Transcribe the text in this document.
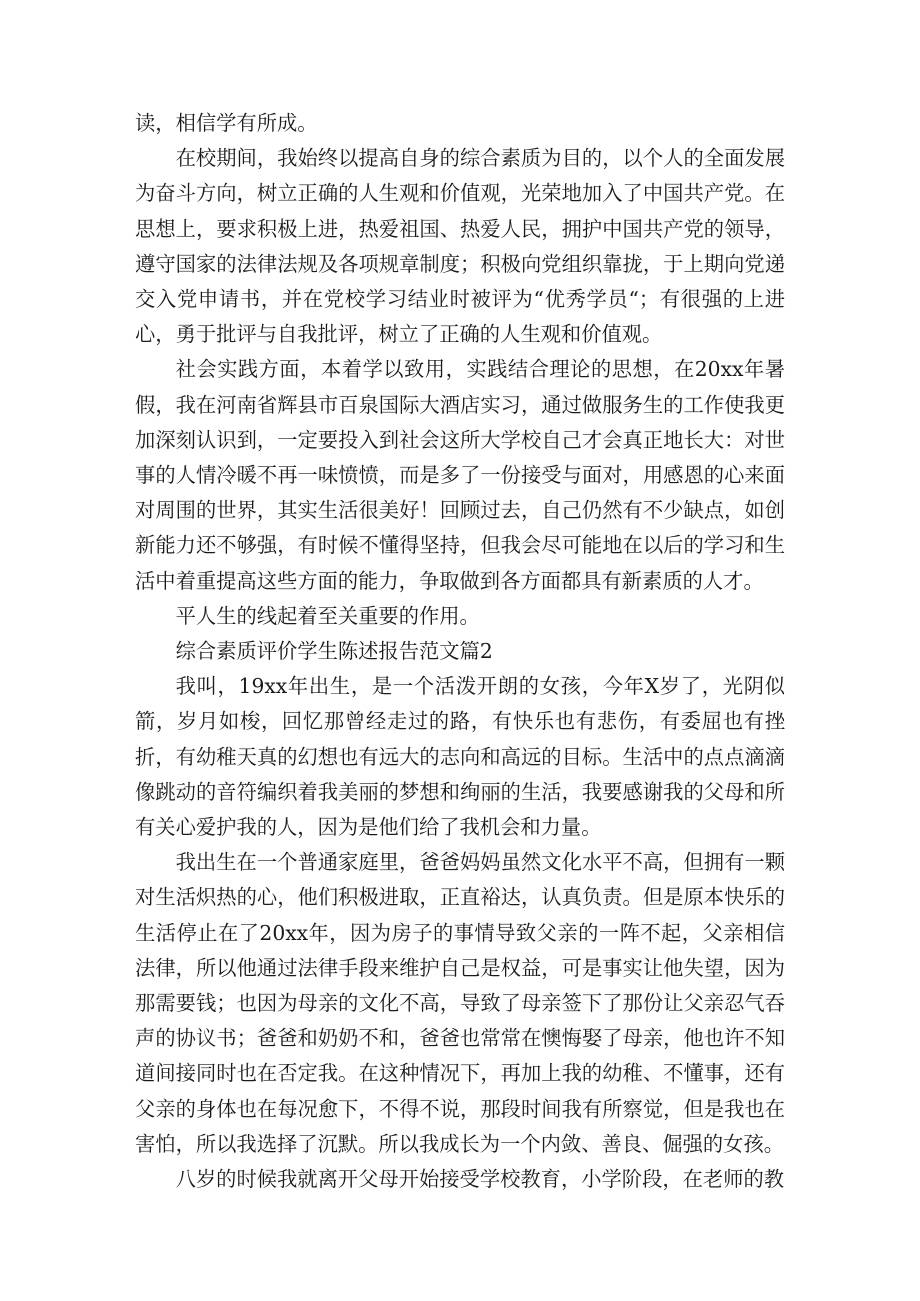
读，相信学有所成。

在校期间，我始终以提高自身的综合素质为目的，以个人的全面发展为奋斗方向，树立正确的人生观和价值观，光荣地加入了中国共产党。在思想上，要求积极上进，热爱祖国、热爱人民，拥护中国共产党的领导，遵守国家的法律法规及各项规章制度；积极向党组织靠拢，于上期向党递交入党申请书，并在党校学习结业时被评为“优秀学员“；有很强的上进心，勇于批评与自我批评，树立了正确的人生观和价值观。

社会实践方面，本着学以致用，实践结合理论的思想，在20xx年暑假，我在河南省辉县市百泉国际大酒店实习，通过做服务生的工作使我更加深刻认识到，一定要投入到社会这所大学校自己才会真正地长大：对世事的人情冷暖不再一味愤愤，而是多了一份接受与面对，用感恩的心来面对周围的世界，其实生活很美好！回顾过去，自己仍然有不少缺点，如创新能力还不够强，有时候不懂得坚持，但我会尽可能地在以后的学习和生活中着重提高这些方面的能力，争取做到各方面都具有新素质的人才。

平人生的线起着至关重要的作用。

综合素质评价学生陈述报告范文篇2

我叫，19xx年出生，是一个活泼开朗的女孩，今年X岁了，光阴似箭，岁月如梭，回忆那曾经走过的路，有快乐也有悲伤，有委屈也有挫折，有幼稚天真的幻想也有远大的志向和高远的目标。生活中的点点滴滴像跳动的音符编织着我美丽的梦想和绚丽的生活，我要感谢我的父母和所有关心爱护我的人，因为是他们给了我机会和力量。

我出生在一个普通家庭里，爸爸妈妈虽然文化水平不高，但拥有一颗对生活炽热的心，他们积极进取，正直裕达，认真负责。但是原本快乐的生活停止在了20xx年，因为房子的事情导致父亲的一阵不起，父亲相信法律，所以他通过法律手段来维护自己是权益，可是事实让他失望，因为那需要钱；也因为母亲的文化不高，导致了母亲签下了那份让父亲忍气吞声的协议书；爸爸和奶奶不和，爸爸也常常在懊悔娶了母亲，他也许不知道间接同时也在否定我。在这种情况下，再加上我的幼稚、不懂事，还有父亲的身体也在每况愈下，不得不说，那段时间我有所察觉，但是我也在害怕，所以我选择了沉默。所以我成长为一个内敛、善良、倔强的女孩。

八岁的时候我就离开父母开始接受学校教育，小学阶段，在老师的教
